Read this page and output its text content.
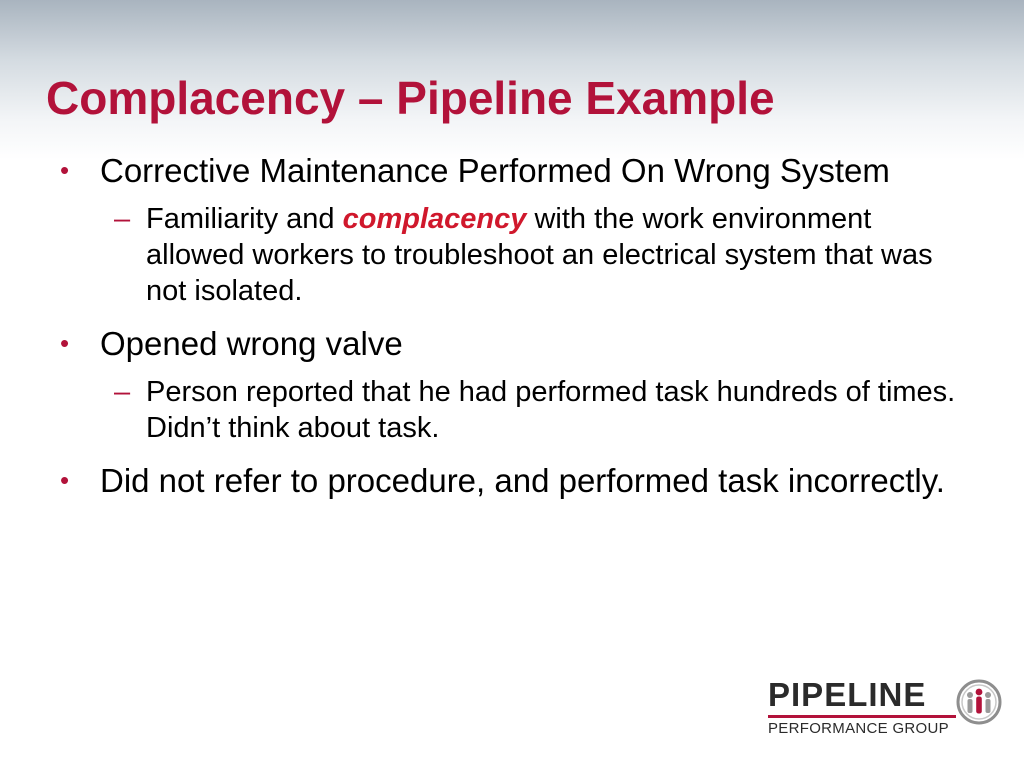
Complacency – Pipeline Example
• Corrective Maintenance Performed On Wrong System
– Familiarity and complacency with the work environment allowed workers to troubleshoot an electrical system that was not isolated.
• Opened wrong valve
– Person reported that he had performed task hundreds of times. Didn’t think about task.
• Did not refer to procedure, and performed task incorrectly.
PIPELINE
PERFORMANCE GROUP
